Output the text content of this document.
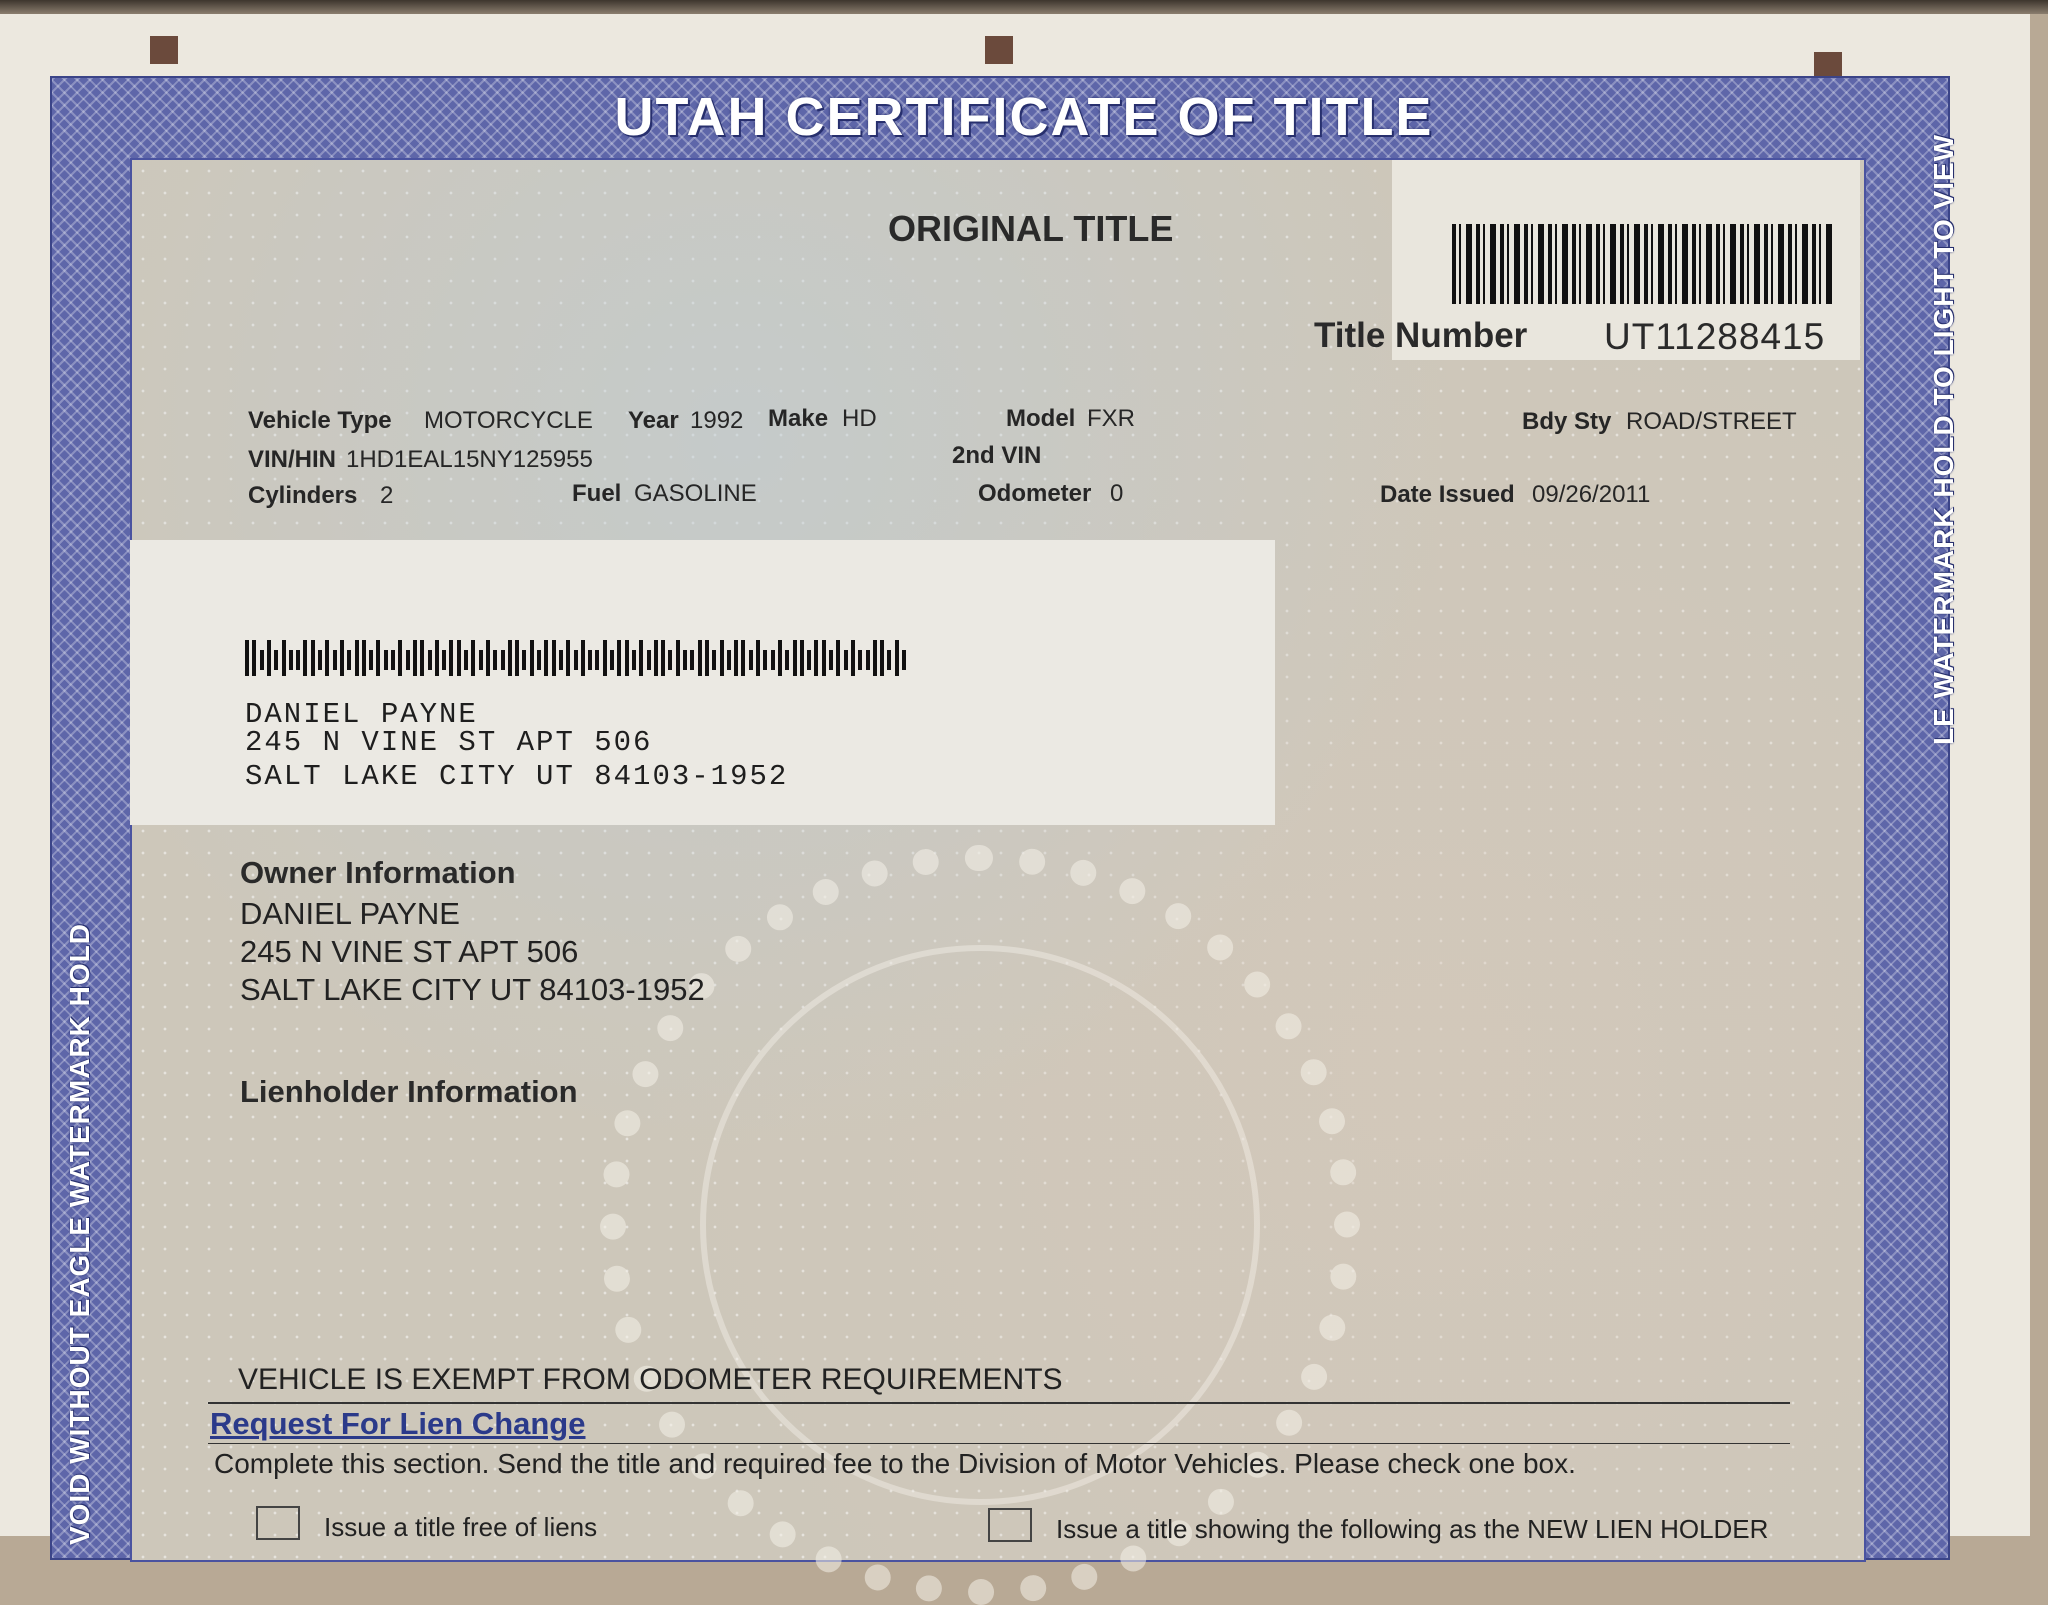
UTAH CERTIFICATE OF TITLE
VOID WITHOUT EAGLE WATERMARK HOLD
LE WATERMARK HOLD TO LIGHT TO VIEW
ORIGINAL TITLE
Title Number UT11288415
Vehicle Type MOTORCYCLE Year 1992 Make HD	Model FXR	Bdy Sty ROAD/STREET
VIN/HIN 1HD1EAL15NY125955	2nd VIN
Cylinders 2	Fuel GASOLINE	Odometer 0	Date Issued 09/26/2011
DANIEL PAYNE
245 N VINE ST APT 506
SALT LAKE CITY UT 84103-1952
Owner Information
DANIEL PAYNE
245 N VINE ST APT 506
SALT LAKE CITY UT 84103-1952
Lienholder Information
VEHICLE IS EXEMPT FROM ODOMETER REQUIREMENTS
Request For Lien Change
Complete this section. Send the title and required fee to the Division of Motor Vehicles. Please check one box.
Issue a title free of liens	Issue a title showing the following as the NEW LIEN HOLDER
